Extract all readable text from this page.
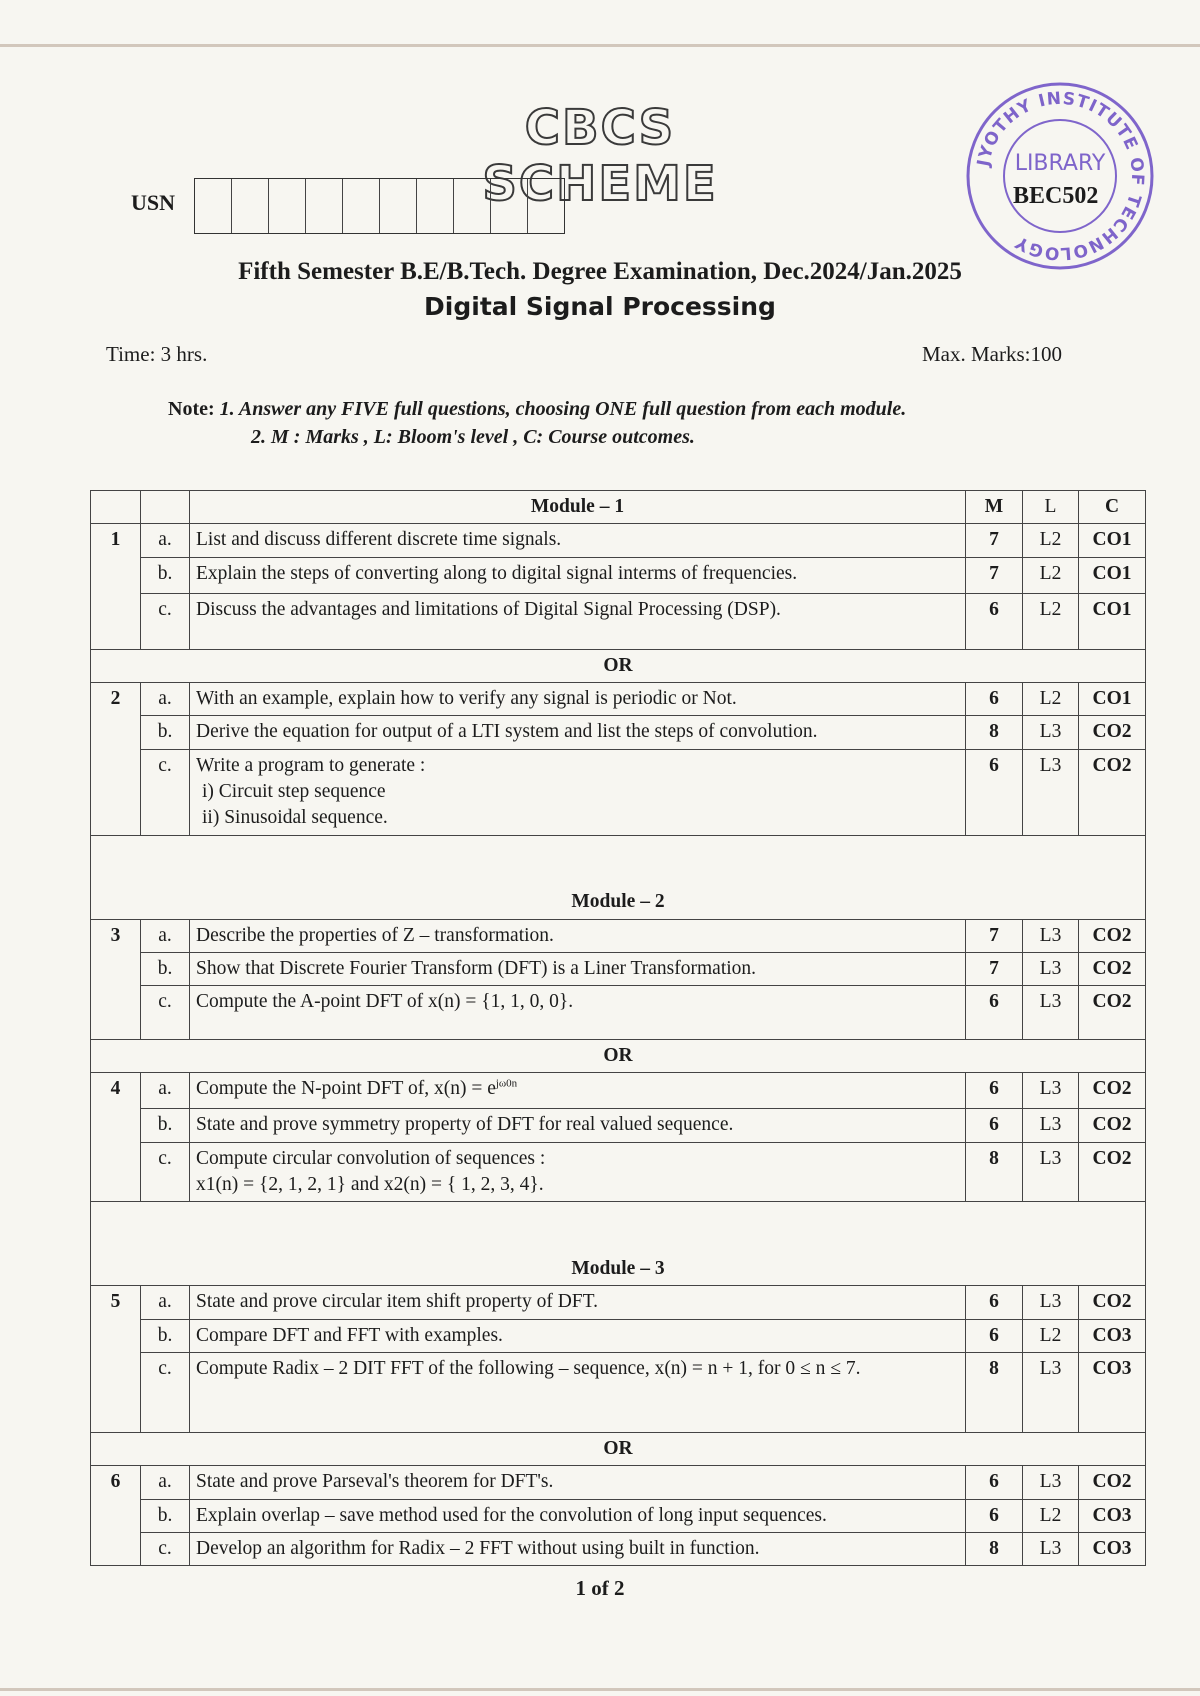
CBCS SCHEME
USN
JYOTHY INSTITUTE OF TECHNOLOGY
LIBRARY
BEC502
Fifth Semester B.E/B.Tech. Degree Examination, Dec.2024/Jan.2025
Digital Signal Processing
Time: 3 hrs.	Max. Marks:100
Note: 1. Answer any FIVE full questions, choosing ONE full question from each module.
2. M : Marks , L: Bloom's level , C: Course outcomes.
		Module – 1	M	L	C
1	a.	List and discuss different discrete time signals.	7	L2	CO1
	b.	Explain the steps of converting along to digital signal interms of frequencies.	7	L2	CO1
	c.	Discuss the advantages and limitations of Digital Signal Processing (DSP).	6	L2	CO1
OR					
2	a.	With an example, explain how to verify any signal is periodic or Not.	6	L2	CO1
	b.	Derive the equation for output of a LTI system and list the steps of convolution.	8	L3	CO2
	c.	Write a program to generate :
i) Circuit step sequence
ii) Sinusoidal sequence.	6	L3	CO2
Module – 2					
3	a.	Describe the properties of Z – transformation.	7	L3	CO2
	b.	Show that Discrete Fourier Transform (DFT) is a Liner Transformation.	7	L3	CO2
	c.	Compute the A-point DFT of x(n) = {1, 1, 0, 0}.	6	L3	CO2
OR					
4	a.	Compute the N-point DFT of, $x(n) = e^{j\omega 0n}$	6	L3	CO2
	b.	State and prove symmetry property of DFT for real valued sequence.	6	L3	CO2
	c.	Compute circular convolution of sequences :
x1(n) = {2, 1, 2, 1} and x2(n) = { 1, 2, 3, 4}.	8	L3	CO2
Module – 3					
5	a.	State and prove circular item shift property of DFT.	6	L3	CO2
	b.	Compare DFT and FFT with examples.	6	L2	CO3
	c.	Compute Radix – 2 DIT FFT of the following – sequence, x(n) = n + 1, for 0 ≤ n ≤ 7.	8	L3	CO3
OR					
6	a.	State and prove Parseval's theorem for DFT's.	6	L3	CO2
	b.	Explain overlap – save method used for the convolution of long input sequences.	6	L2	CO3
	c.	Develop an algorithm for Radix – 2 FFT without using built in function.	8	L3	CO3
1 of 2
